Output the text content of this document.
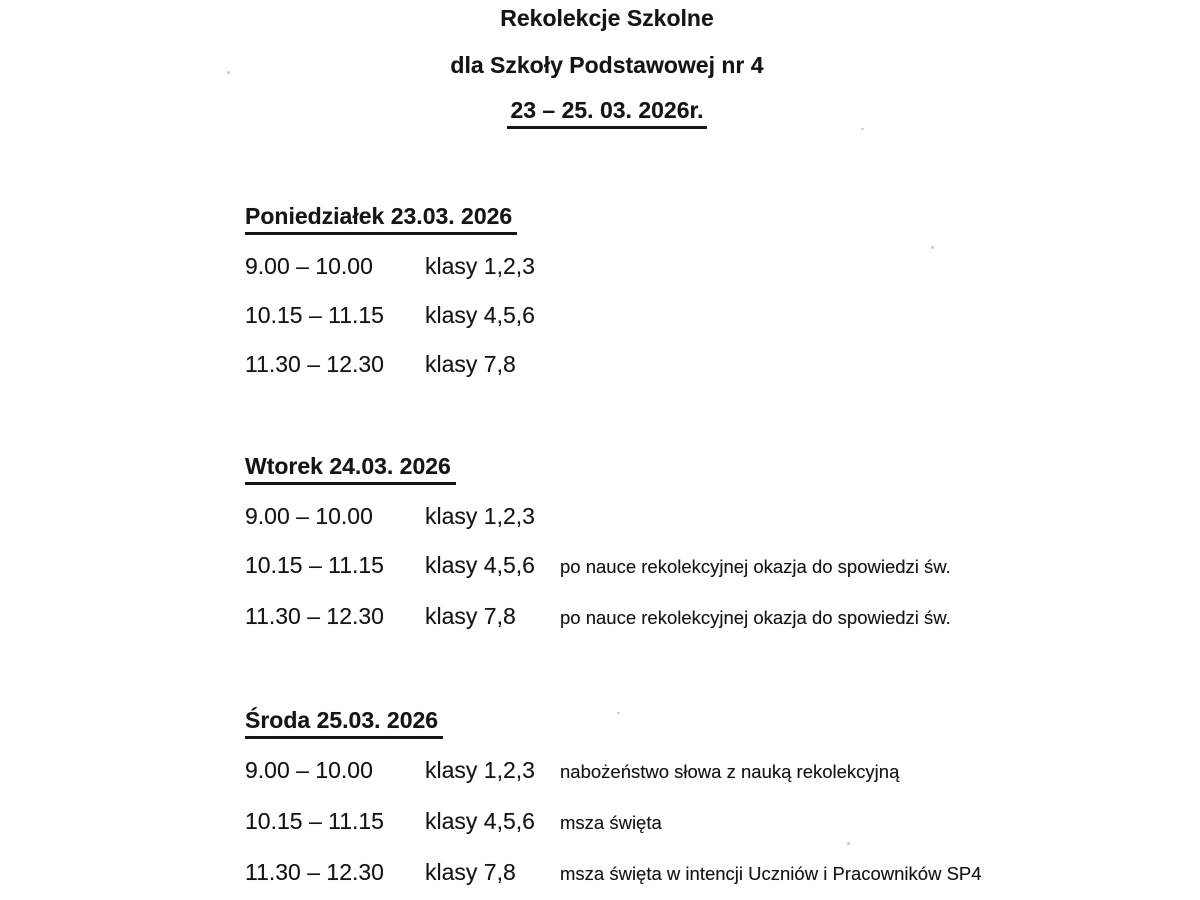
Rekolekcje Szkolne
dla Szkoły Podstawowej nr 4
23 – 25. 03. 2026r.
Poniedziałek 23.03. 2026
9.00 – 10.00	klasy 1,2,3
10.15 – 11.15	klasy 4,5,6
11.30 – 12.30	klasy 7,8
Wtorek 24.03. 2026
9.00 – 10.00	klasy 1,2,3
10.15 – 11.15	klasy 4,5,6	po nauce rekolekcyjnej okazja do spowiedzi św.
11.30 – 12.30	klasy 7,8	po nauce rekolekcyjnej okazja do spowiedzi św.
Środa 25.03. 2026
9.00 – 10.00	klasy 1,2,3	nabożeństwo słowa z nauką rekolekcyjną
10.15 – 11.15	klasy 4,5,6	msza święta
11.30 – 12.30	klasy 7,8	msza święta w intencji Uczniów i Pracowników SP4
